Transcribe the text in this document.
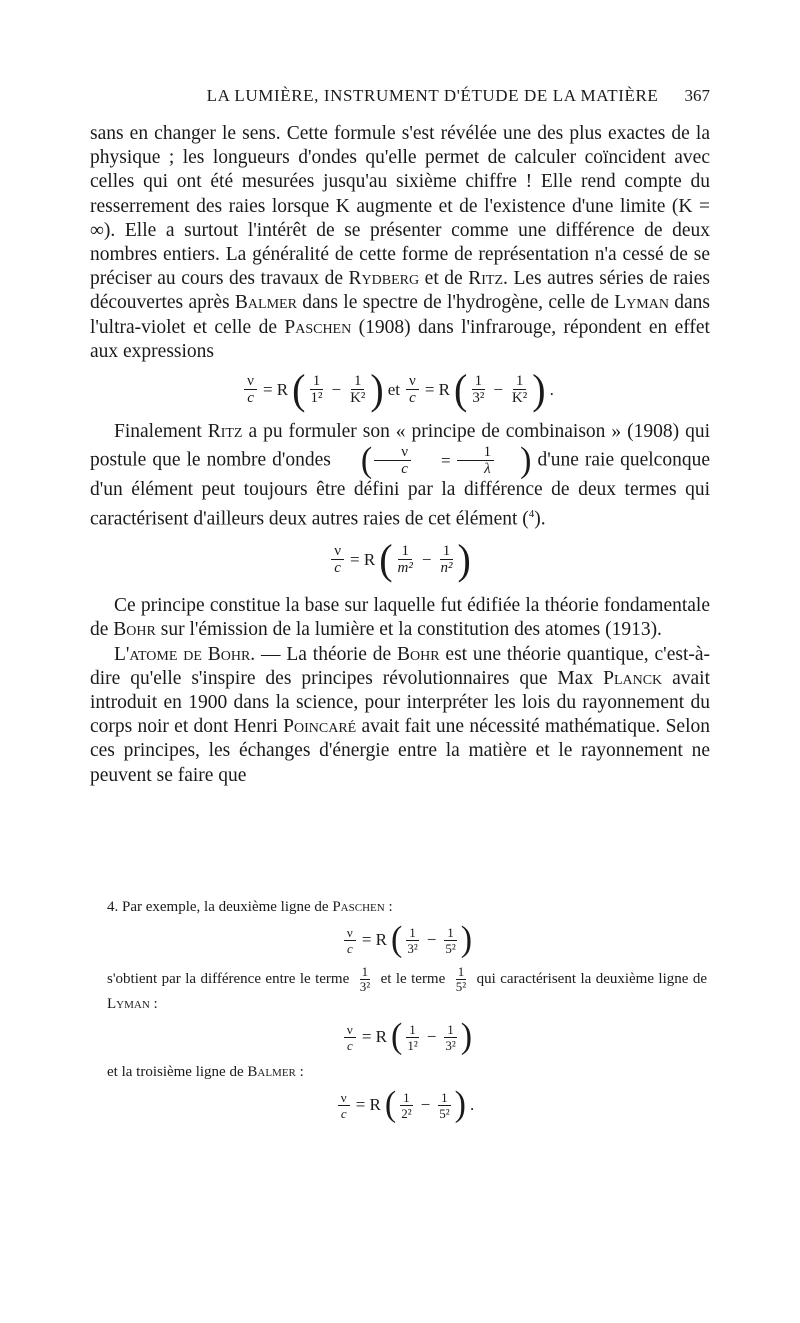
LA LUMIÈRE, INSTRUMENT D'ÉTUDE DE LA MATIÈRE	367

sans en changer le sens. Cette formule s'est révélée une des plus exactes de la physique ; les longueurs d'ondes qu'elle permet de calculer coïncident avec celles qui ont été mesurées jusqu'au sixième chiffre ! Elle rend compte du resserrement des raies lorsque K augmente et de l'existence d'une limite (K = ∞). Elle a surtout l'intérêt de se présenter comme une différence de deux nombres entiers. La généralité de cette forme de représentation n'a cessé de se préciser au cours des travaux de Rydberg et de Ritz. Les autres séries de raies découvertes après Balmer dans le spectre de l'hydrogène, celle de Lyman dans l'ultra-violet et celle de Paschen (1908) dans l'infrarouge, répondent en effet aux expressions

$\frac{\nu}{c} = R$ ( $\frac{1}{\text{1²}} - \frac{1}{\text{K²}}$ ) et $\frac{\nu}{c} = R$ ( $\frac{1}{\text{3²}} - \frac{1}{\text{K²}}$ ) .

Finalement Ritz a pu formuler son « principe de combinaison » (1908) qui postule que le nombre d'ondes ( $\frac{\nu}{c}$	= $\frac{1}{\lambda}$ ) d'une raie quelconque d'un élément peut toujours être défini par la différence de deux termes qui caractérisent d'ailleurs deux autres raies de cet élément ($^4$).

$\frac{\nu}{c} = R$ ( $\frac{1}{\text{m²}} - \frac{1}{\text{n²}}$ )

Ce principe constitue la base sur laquelle fut édifiée la théorie fondamentale de Bohr sur l'émission de la lumière et la constitution des atomes (1913).

L'atome de Bohr. — La théorie de Bohr est une théorie quantique, c'est-à-dire qu'elle s'inspire des principes révolutionnaires que Max Planck avait introduit en 1900 dans la science, pour interpréter les lois du rayonnement du corps noir et dont Henri Poincaré avait fait une nécessité mathématique. Selon ces principes, les échanges d'énergie entre la matière et le rayonnement ne peuvent se faire que

4. Par exemple, la deuxième ligne de Paschen :

$\frac{\nu}{c} = R$ ( $\frac{1}{\text{3²}} - \frac{1}{\text{5²}}$ )

s'obtient par la différence entre le terme $\frac{1}{\text{3²}}$ et le terme $\frac{1}{\text{5²}}$ qui caractérisent la deuxième ligne de Lyman :

$\frac{\nu}{c} = R$ ( $\frac{1}{\text{1²}} - \frac{1}{\text{3²}}$ )

et la troisième ligne de Balmer :

$\frac{\nu}{c} = R$ ( $\frac{1}{\text{2²}} - \frac{1}{\text{5²}}$ ) .
